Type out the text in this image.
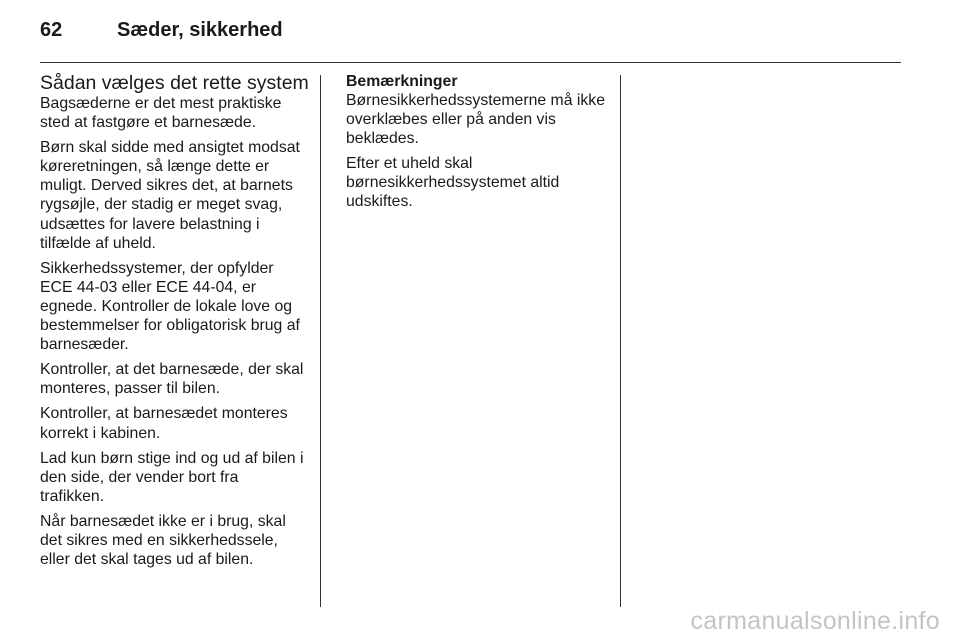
62	Sæder, sikkerhed
Sådan vælges det rette system

Bagsæderne er det mest praktiske sted at fastgøre et barnesæde.

Børn skal sidde med ansigtet modsat køreretningen, så længe dette er muligt. Derved sikres det, at barnets rygsøjle, der stadig er meget svag, udsættes for lavere belastning i tilfælde af uheld.

Sikkerhedssystemer, der opfylder ECE 44-03 eller ECE 44-04, er egnede. Kontroller de lokale love og bestemmelser for obligatorisk brug af barnesæder.

Kontroller, at det barnesæde, der skal monteres, passer til bilen.

Kontroller, at barnesædet monteres korrekt i kabinen.

Lad kun børn stige ind og ud af bilen i den side, der vender bort fra trafikken.

Når barnesædet ikke er i brug, skal det sikres med en sikkerhedssele, eller det skal tages ud af bilen.

Bemærkninger

Børnesikkerhedssystemerne må ikke overklæbes eller på anden vis beklædes.

Efter et uheld skal børnesikkerhedssystemet altid udskiftes.

carmanualsonline.info
